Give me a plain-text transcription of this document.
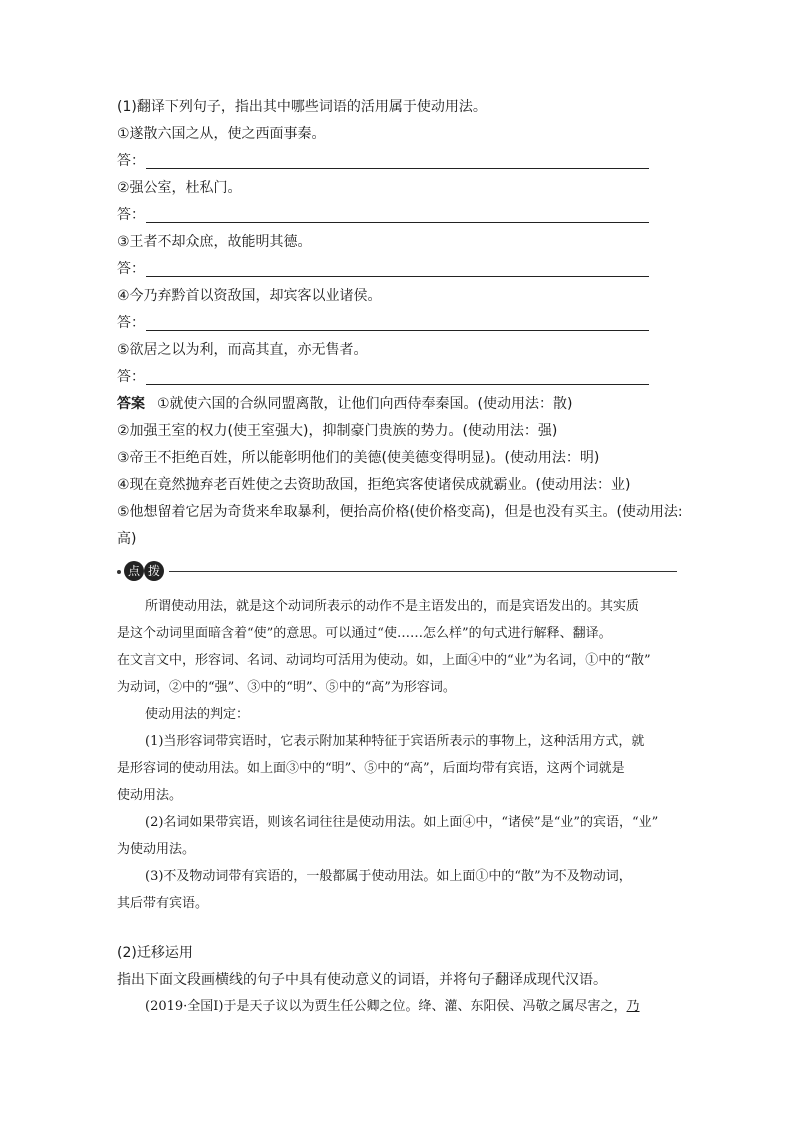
(1)翻译下列句子，指出其中哪些词语的活用属于使动用法。
①遂散六国之从，使之西面事秦。
答：
②强公室，杜私门。
答：
③王者不却众庶，故能明其德。
答：
④今乃弃黔首以资敌国，却宾客以业诸侯。
答：
⑤欲居之以为利，而高其直，亦无售者。
答：
答案 ①就使六国的合纵同盟离散，让他们向西侍奉秦国。(使动用法：散)
②加强王室的权力(使王室强大)，抑制豪门贵族的势力。(使动用法：强)
③帝王不拒绝百姓，所以能彰明他们的美德(使美德变得明显)。(使动用法：明)
④现在竟然抛弃老百姓使之去资助敌国，拒绝宾客使诸侯成就霸业。(使动用法：业)
⑤他想留着它居为奇货来牟取暴利，便抬高价格(使价格变高)，但是也没有买主。(使动用法:
高)
点 拨
所谓使动用法，就是这个动词所表示的动作不是主语发出的，而是宾语发出的。其实质
是这个动词里面暗含着“使”的意思。可以通过“使……怎么样”的句式进行解释、翻译。
在文言文中，形容词、名词、动词均可活用为使动。如，上面④中的“业”为名词，①中的“散”
为动词，②中的“强”、③中的“明”、⑤中的“高”为形容词。
使动用法的判定：
(1)当形容词带宾语时，它表示附加某种特征于宾语所表示的事物上，这种活用方式，就
是形容词的使动用法。如上面③中的“明”、⑤中的“高”，后面均带有宾语，这两个词就是
使动用法。
(2)名词如果带宾语，则该名词往往是使动用法。如上面④中，“诸侯”是“业”的宾语，“业”
为使动用法。
(3)不及物动词带有宾语的，一般都属于使动用法。如上面①中的“散”为不及物动词，
其后带有宾语。
(2)迁移运用
指出下面文段画横线的句子中具有使动意义的词语，并将句子翻译成现代汉语。
(2019·全国Ⅰ)于是天子议以为贾生任公卿之位。绛、灌、东阳侯、冯敬之属尽害之，乃
